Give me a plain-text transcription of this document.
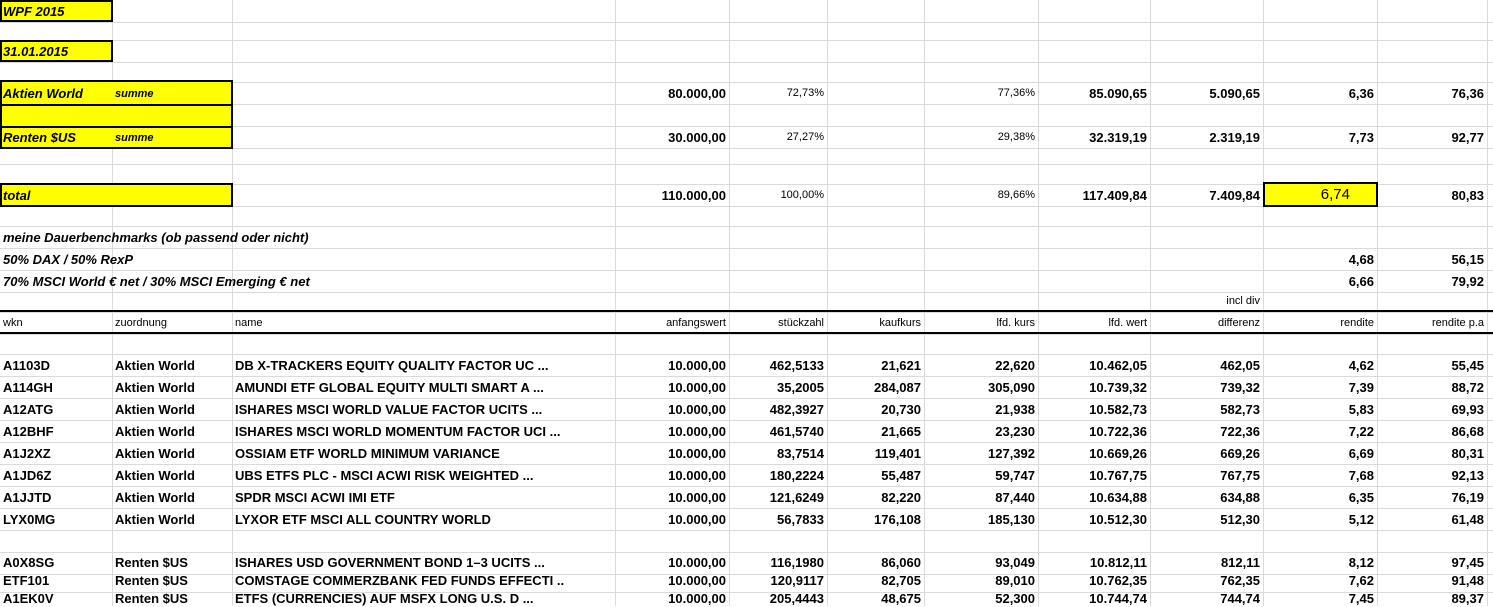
WPF 2015
31.01.2015
Aktien World	summe	80.000,00	72,73%	77,36%	85.090,65	5.090,65	6,36	76,36
Renten $US	summe	30.000,00	27,27%	29,38%	32.319,19	2.319,19	7,73	92,77
total	110.000,00	100,00%	89,66%	117.409,84	7.409,84	6,74	80,83
meine Dauerbenchmarks (ob passend oder nicht)
50% DAX / 50% RexP	4,68	56,15
70% MSCI World € net / 30% MSCI Emerging € net	6,66	79,92
incl div
wkn	zuordnung	name	anfangswert	stückzahl	kaufkurs	lfd. kurs	lfd. wert	differenz	rendite	rendite p.a
A1103D	Aktien World	DB X-TRACKERS EQUITY QUALITY FACTOR UC ...	10.000,00	462,5133	21,621	22,620	10.462,05	462,05	4,62	55,45
A114GH	Aktien World	AMUNDI ETF GLOBAL EQUITY MULTI SMART A ...	10.000,00	35,2005	284,087	305,090	10.739,32	739,32	7,39	88,72
A12ATG	Aktien World	ISHARES MSCI WORLD VALUE FACTOR UCITS ...	10.000,00	482,3927	20,730	21,938	10.582,73	582,73	5,83	69,93
A12BHF	Aktien World	ISHARES MSCI WORLD MOMENTUM FACTOR UCI ...	10.000,00	461,5740	21,665	23,230	10.722,36	722,36	7,22	86,68
A1J2XZ	Aktien World	OSSIAM ETF WORLD MINIMUM VARIANCE	10.000,00	83,7514	119,401	127,392	10.669,26	669,26	6,69	80,31
A1JD6Z	Aktien World	UBS ETFS PLC - MSCI ACWI RISK WEIGHTED ...	10.000,00	180,2224	55,487	59,747	10.767,75	767,75	7,68	92,13
A1JJTD	Aktien World	SPDR MSCI ACWI IMI ETF	10.000,00	121,6249	82,220	87,440	10.634,88	634,88	6,35	76,19
LYX0MG	Aktien World	LYXOR ETF MSCI ALL COUNTRY WORLD	10.000,00	56,7833	176,108	185,130	10.512,30	512,30	5,12	61,48
A0X8SG	Renten $US	ISHARES USD GOVERNMENT BOND 1–3 UCITS ...	10.000,00	116,1980	86,060	93,049	10.812,11	812,11	8,12	97,45
ETF101	Renten $US	COMSTAGE COMMERZBANK FED FUNDS EFFECTI ..	10.000,00	120,9117	82,705	89,010	10.762,35	762,35	7,62	91,48
A1EK0V	Renten $US	ETFS (CURRENCIES) AUF MSFX LONG U.S. D ...	10.000,00	205,4443	48,675	52,300	10.744,74	744,74	7,45	89,37
